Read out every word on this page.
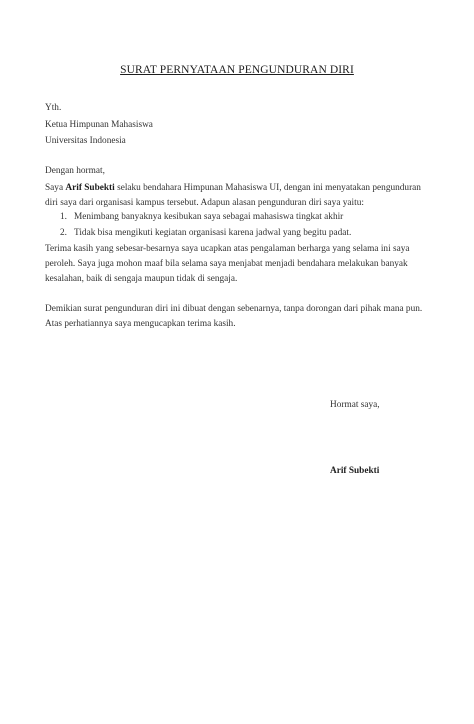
SURAT PERNYATAAN PENGUNDURAN DIRI
Yth.
Ketua Himpunan Mahasiswa
Universitas Indonesia
Dengan hormat,
Saya Arif Subekti selaku bendahara Himpunan Mahasiswa UI, dengan ini menyatakan pengunduran
diri saya dari organisasi kampus tersebut. Adapun alasan pengunduran diri saya yaitu:
1. Menimbang banyaknya kesibukan saya sebagai mahasiswa tingkat akhir
2. Tidak bisa mengikuti kegiatan organisasi karena jadwal yang begitu padat.
Terima kasih yang sebesar-besarnya saya ucapkan atas pengalaman berharga yang selama ini saya
peroleh. Saya juga mohon maaf bila selama saya menjabat menjadi bendahara melakukan banyak
kesalahan, baik di sengaja maupun tidak di sengaja.
Demikian surat pengunduran diri ini dibuat dengan sebenarnya, tanpa dorongan dari pihak mana pun.
Atas perhatiannya saya mengucapkan terima kasih.
Hormat saya,
Arif Subekti
